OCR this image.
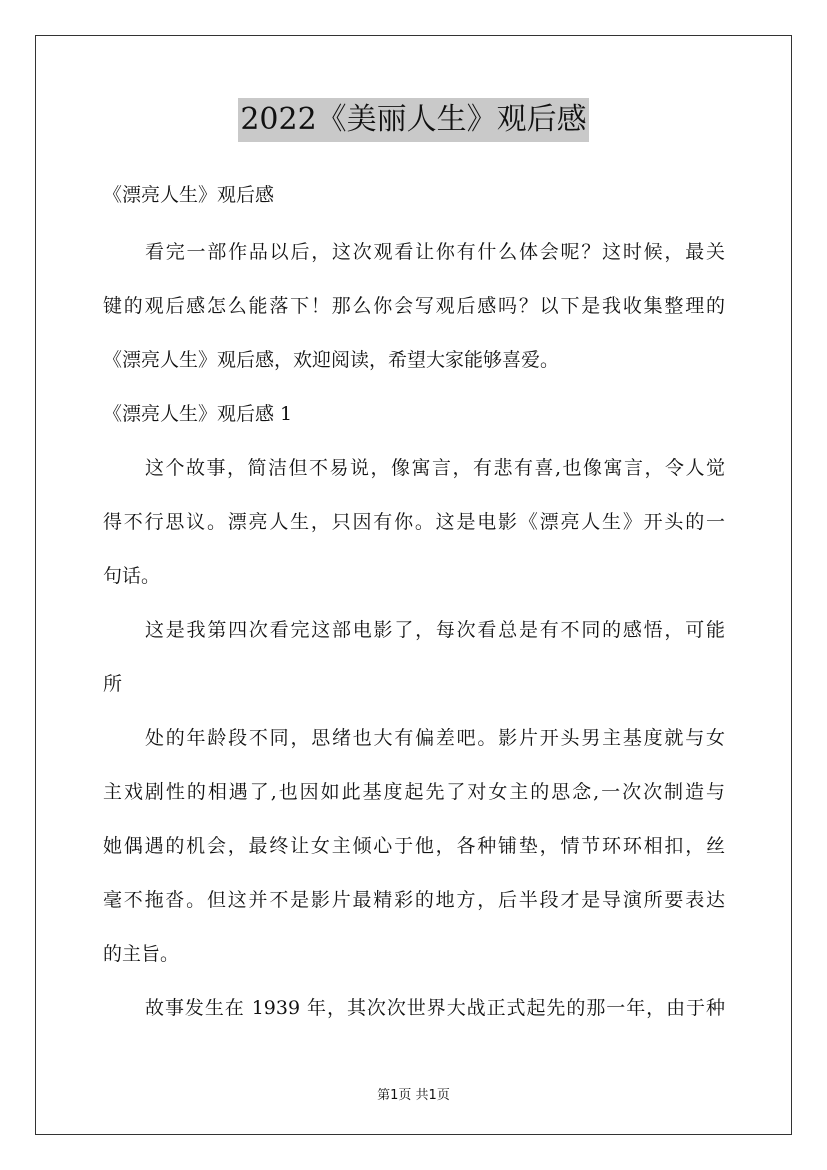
2022《美丽人生》观后感
《漂亮人生》观后感
看完一部作品以后，这次观看让你有什么体会呢？这时候，最关
键的观后感怎么能落下！那么你会写观后感吗？以下是我收集整理的
《漂亮人生》观后感，欢迎阅读，希望大家能够喜爱。
《漂亮人生》观后感 1
这个故事，简洁但不易说，像寓言，有悲有喜,也像寓言，令人觉
得不行思议。漂亮人生，只因有你。这是电影《漂亮人生》开头的一
句话。
这是我第四次看完这部电影了，每次看总是有不同的感悟，可能
所
处的年龄段不同，思绪也大有偏差吧。影片开头男主基度就与女
主戏剧性的相遇了,也因如此基度起先了对女主的思念,一次次制造与
她偶遇的机会，最终让女主倾心于他，各种铺垫，情节环环相扣，丝
毫不拖沓。但这并不是影片最精彩的地方，后半段才是导演所要表达
的主旨。
故事发生在 1939 年，其次次世界大战正式起先的那一年，由于种
第1页 共1页
